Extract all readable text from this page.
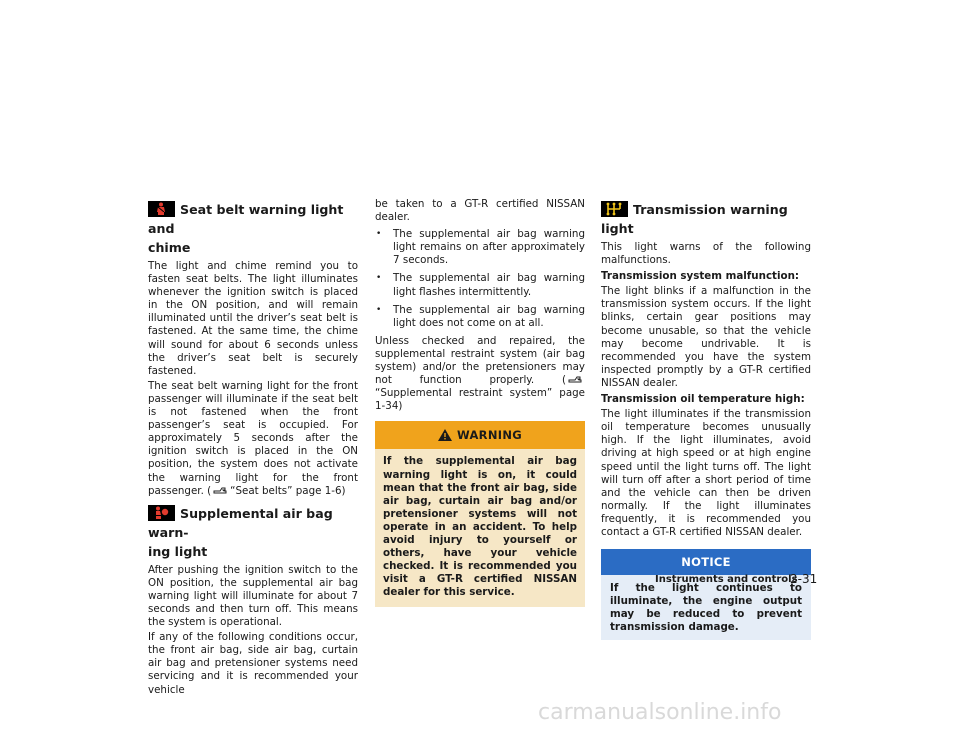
Seat belt warning light and
chime

The light and chime remind you to fasten seat belts. The light illuminates whenever the ignition switch is placed in the ON position, and will remain illuminated until the driver’s seat belt is fastened. At the same time, the chime will sound for about 6 seconds unless the driver’s seat belt is securely fastened.

The seat belt warning light for the front passenger will illuminate if the seat belt is not fastened when the front passenger’s seat is occupied. For approximately 5 seconds after the ignition switch is placed in the ON position, the system does not activate the warning light for the front passenger. ( “Seat belts” page 1-6)

Supplemental air bag warn-
ing light

After pushing the ignition switch to the ON position, the supplemental air bag warning light will illuminate for about 7 seconds and then turn off. This means the system is operational.

If any of the following conditions occur, the front air bag, side air bag, curtain air bag and pretensioner systems need servicing and it is recommended your vehicle

be taken to a GT-R certified NISSAN dealer.

• The supplemental air bag warning light remains on after approximately 7 seconds.
• The supplemental air bag warning light flashes intermittently.
• The supplemental air bag warning light does not come on at all.

Unless checked and repaired, the supplemental restraint system (air bag system) and/or the pretensioners may not function properly. (“Supplemental restraint system” page 1-34)

WARNING
If the supplemental air bag warning light is on, it could mean that the front air bag, side air bag, curtain air bag and/or pretensioner systems will not operate in an accident. To help avoid injury to yourself or others, have your vehicle checked. It is recommended you visit a GT-R certified NISSAN dealer for this service.
Transmission warning light

This light warns of the following malfunctions.

Transmission system malfunction:

The light blinks if a malfunction in the transmission system occurs. If the light blinks, certain gear positions may become unusable, so that the vehicle may become undrivable. It is recommended you have the system inspected promptly by a GT-R certified NISSAN dealer.

Transmission oil temperature high:

The light illuminates if the transmission oil temperature becomes unusually high. If the light illuminates, avoid driving at high speed or at high engine speed until the light turns off. The light will turn off after a short period of time and the vehicle can then be driven normally. If the light illuminates frequently, it is recommended you contact a GT-R certified NISSAN dealer.

NOTICE
If the light continues to illuminate, the engine output may be reduced to prevent transmission damage.
Instruments and controls
2-31
carmanualsonline.info
